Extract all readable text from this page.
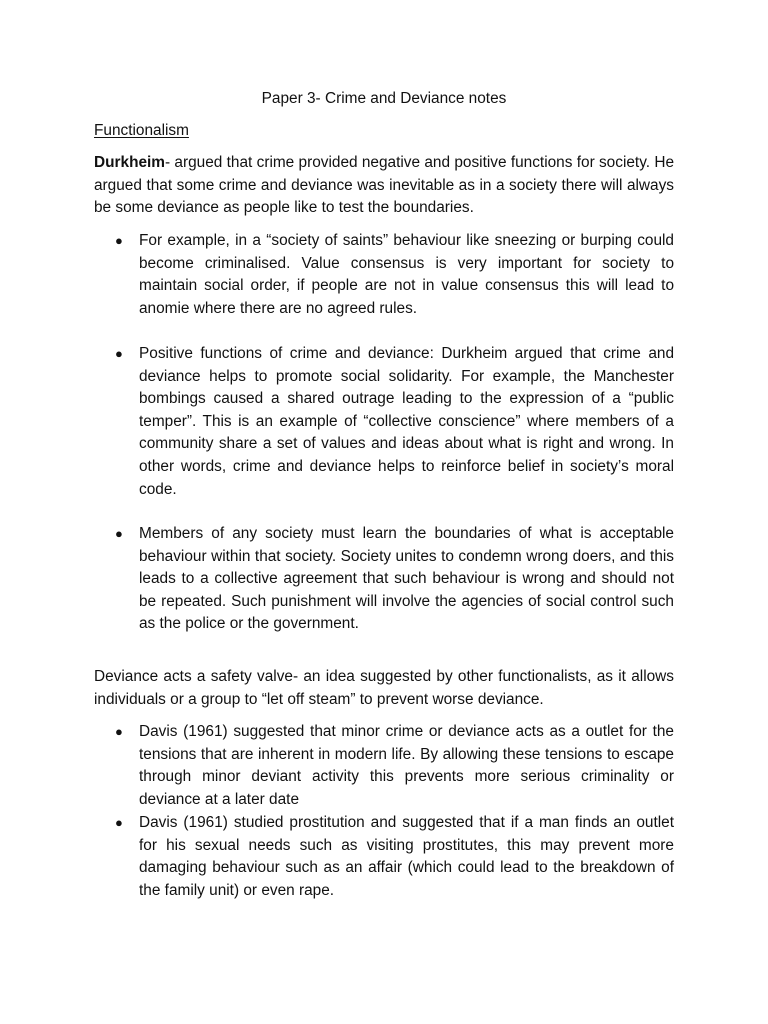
Paper 3- Crime and Deviance notes
Functionalism

Durkheim- argued that crime provided negative and positive functions for society. He argued that some crime and deviance was inevitable as in a society there will always be some deviance as people like to test the boundaries.

● For example, in a “society of saints” behaviour like sneezing or burping could become criminalised. Value consensus is very important for society to maintain social order, if people are not in value consensus this will lead to anomie where there are no agreed rules.
● Positive functions of crime and deviance: Durkheim argued that crime and deviance helps to promote social solidarity. For example, the Manchester bombings caused a shared outrage leading to the expression of a “public temper”. This is an example of “collective conscience” where members of a community share a set of values and ideas about what is right and wrong. In other words, crime and deviance helps to reinforce belief in society’s moral code.
● Members of any society must learn the boundaries of what is acceptable behaviour within that society. Society unites to condemn wrong doers, and this leads to a collective agreement that such behaviour is wrong and should not be repeated. Such punishment will involve the agencies of social control such as the police or the government.

Deviance acts a safety valve- an idea suggested by other functionalists, as it allows individuals or a group to “let off steam” to prevent worse deviance.

● Davis (1961) suggested that minor crime or deviance acts as a outlet for the tensions that are inherent in modern life. By allowing these tensions to escape through minor deviant activity this prevents more serious criminality or deviance at a later date
● Davis (1961) studied prostitution and suggested that if a man finds an outlet for his sexual needs such as visiting prostitutes, this may prevent more damaging behaviour such as an affair (which could lead to the breakdown of the family unit) or even rape.
